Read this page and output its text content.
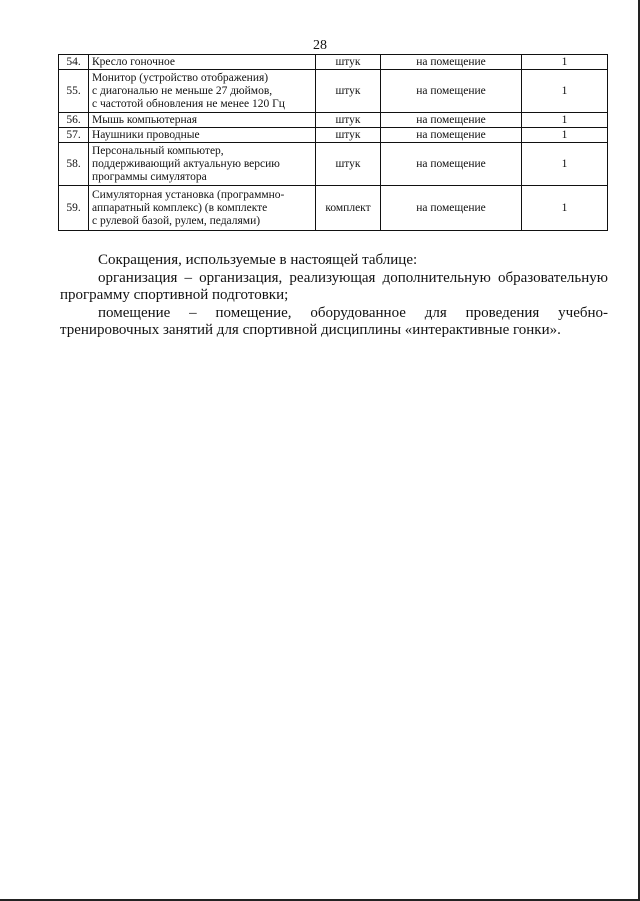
28
54.	Кресло гоночное	штук	на помещение	1
55.	Монитор (устройство отображения)
с диагональю не меньше 27 дюймов,
с частотой обновления не менее 120 Гц	штук	на помещение	1
56.	Мышь компьютерная	штук	на помещение	1
57.	Наушники проводные	штук	на помещение	1
58.	Персональный компьютер,
поддерживающий актуальную версию
программы симулятора	штук	на помещение	1
59.	Симуляторная установка (программно-
аппаратный комплекс) (в комплекте
с рулевой базой, рулем, педалями)	комплект	на помещение	1

Сокращения, используемые в настоящей таблице:

организация – организация, реализующая дополнительную образовательную программу спортивной подготовки;

помещение – помещение, оборудованное для проведения учебно-тренировочных занятий для спортивной дисциплины «интерактивные гонки».
